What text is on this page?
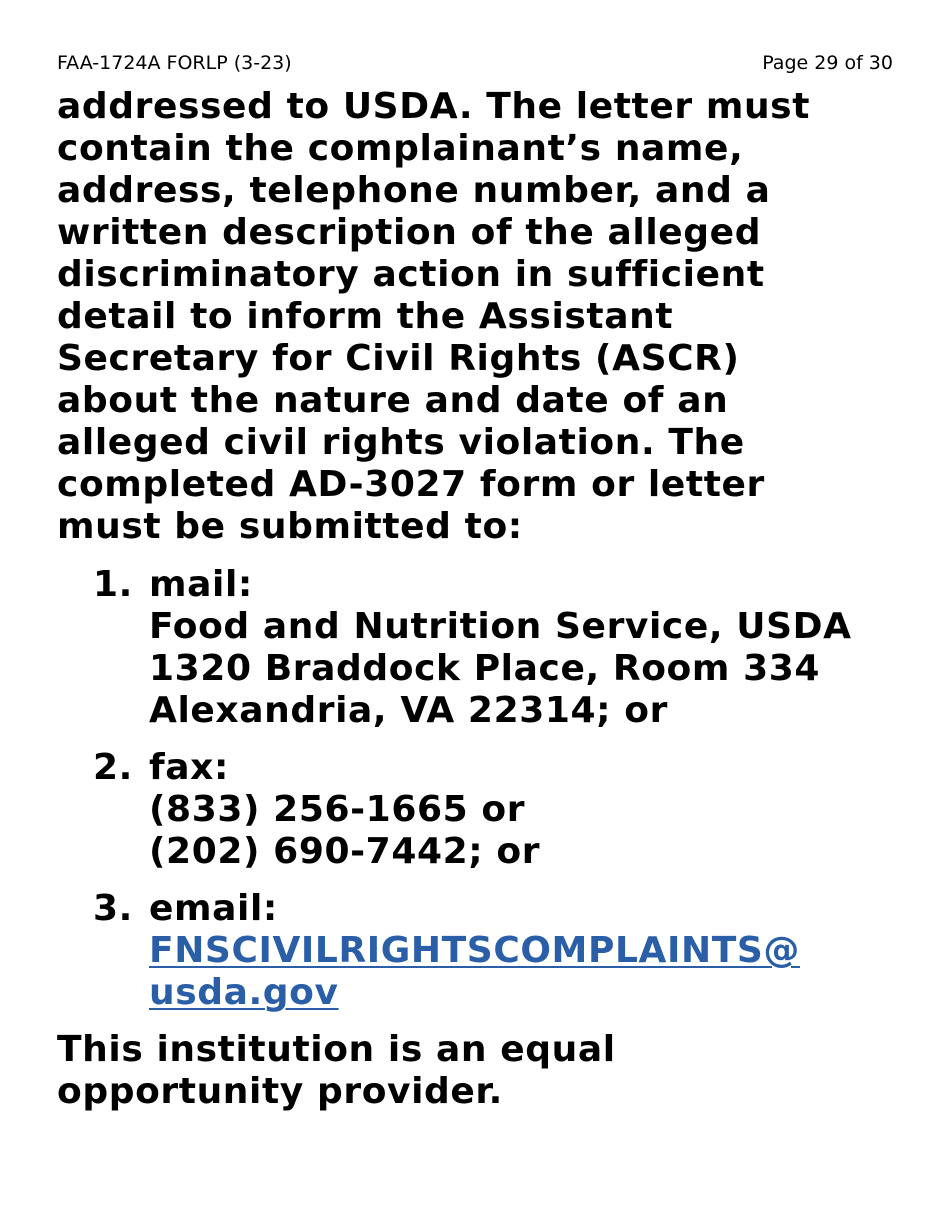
FAA-1724A FORLP (3-23)	Page 29 of 30

addressed to USDA. The letter must
contain the complainant’s name,
address, telephone number, and a
written description of the alleged
discriminatory action in sufficient
detail to inform the Assistant
Secretary for Civil Rights (ASCR)
about the nature and date of an
alleged civil rights violation. The
completed AD-3027 form or letter
must be submitted to:

1. mail:
Food and Nutrition Service, USDA
1320 Braddock Place, Room 334
Alexandria, VA 22314; or
2. fax:
(833) 256-1665 or
(202) 690-7442; or
3. email:
FNSCIVILRIGHTSCOMPLAINTS@
usda.gov

This institution is an equal
opportunity provider.
